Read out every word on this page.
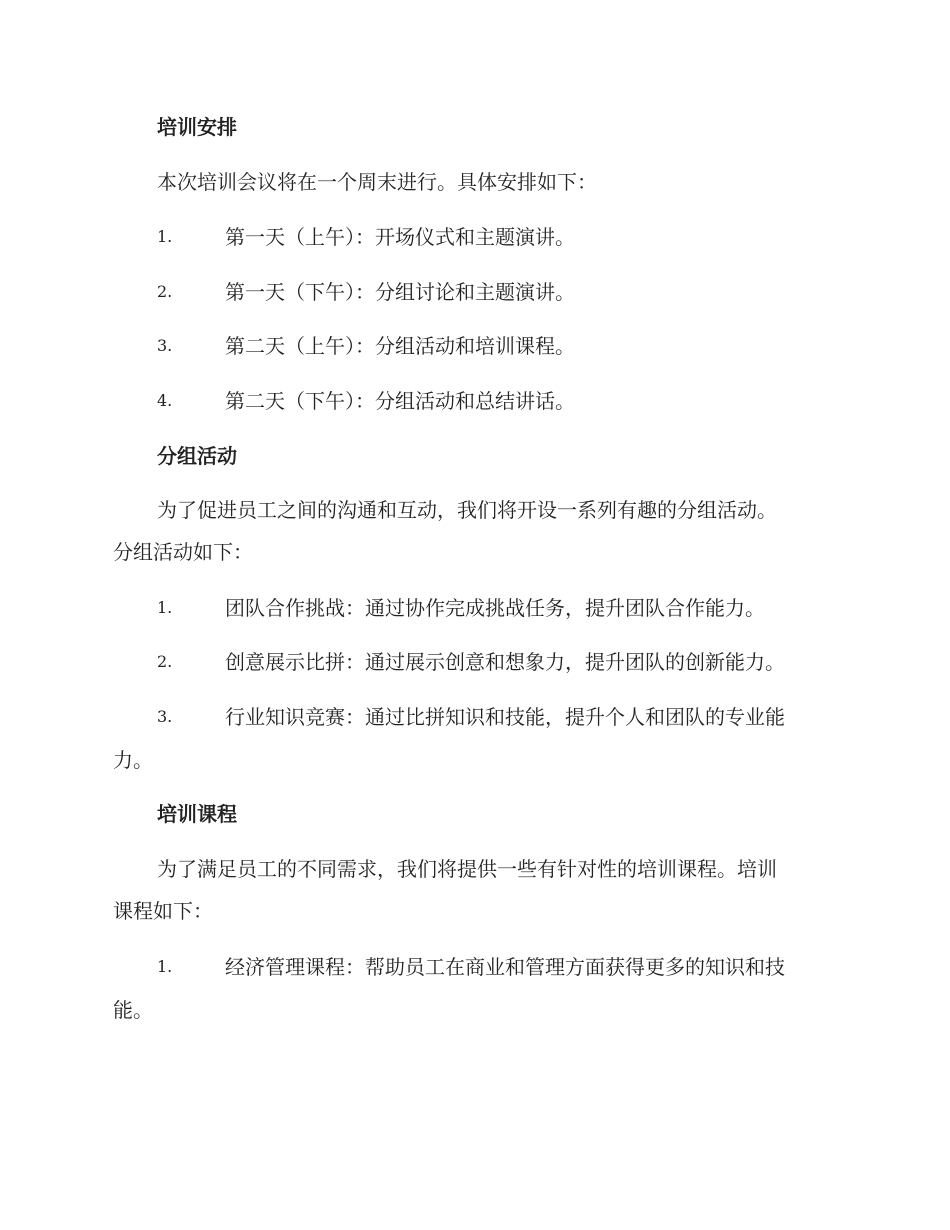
培训安排
本次培训会议将在一个周末进行。具体安排如下：
1.	第一天（上午）：开场仪式和主题演讲。
2.	第一天（下午）：分组讨论和主题演讲。
3.	第二天（上午）：分组活动和培训课程。
4.	第二天（下午）：分组活动和总结讲话。
分组活动
为了促进员工之间的沟通和互动，我们将开设一系列有趣的分组活动。
分组活动如下：
1.	团队合作挑战：通过协作完成挑战任务，提升团队合作能力。
2.	创意展示比拼：通过展示创意和想象力，提升团队的创新能力。
3.	行业知识竞赛：通过比拼知识和技能，提升个人和团队的专业能
力。
培训课程
为了满足员工的不同需求，我们将提供一些有针对性的培训课程。培训
课程如下：
1.	经济管理课程：帮助员工在商业和管理方面获得更多的知识和技
能。
